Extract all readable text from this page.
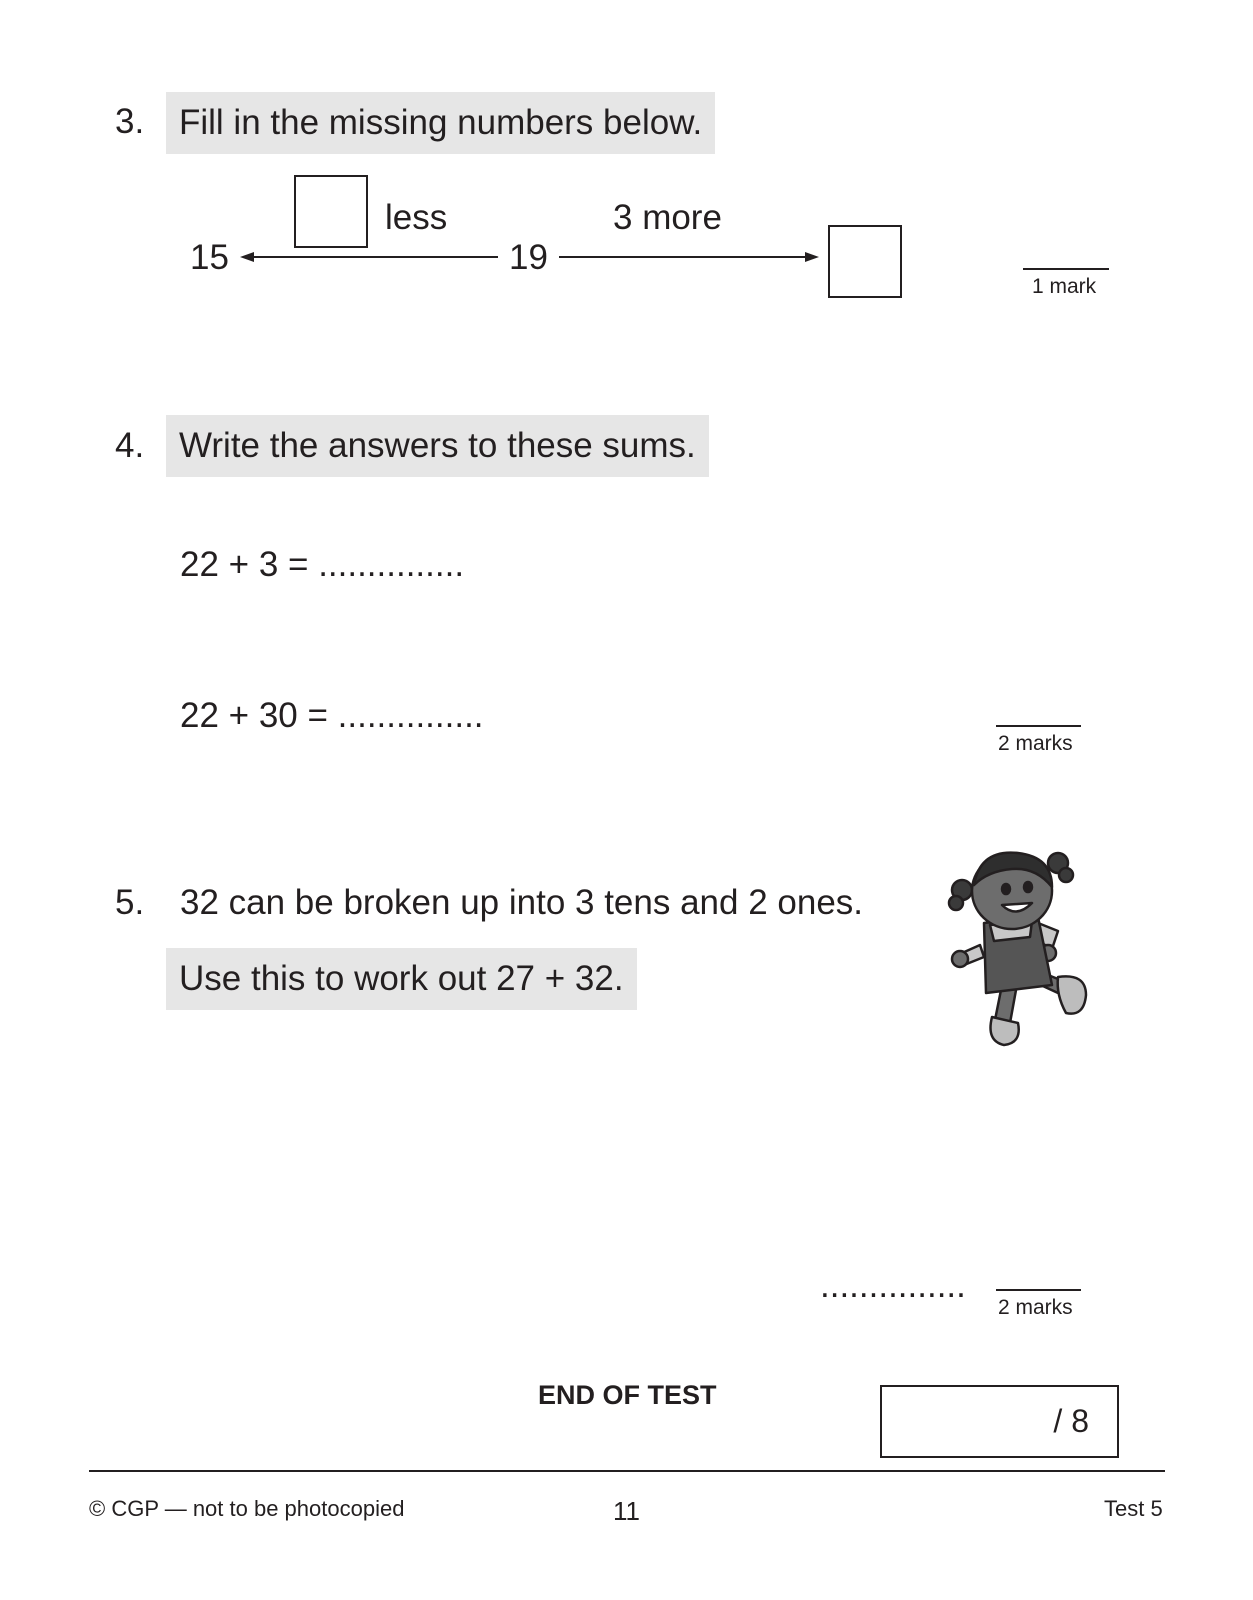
3. Fill in the missing numbers below.
less	3 more
15	19
1 mark
4. Write the answers to these sums.
22 + 3 = ...............
22 + 30 = ...............
2 marks
5. 32 can be broken up into 3 tens and 2 ones.
Use this to work out 27 + 32.
...............
2 marks
END OF TEST
/ 8
© CGP — not to be photocopied	11	Test 5
